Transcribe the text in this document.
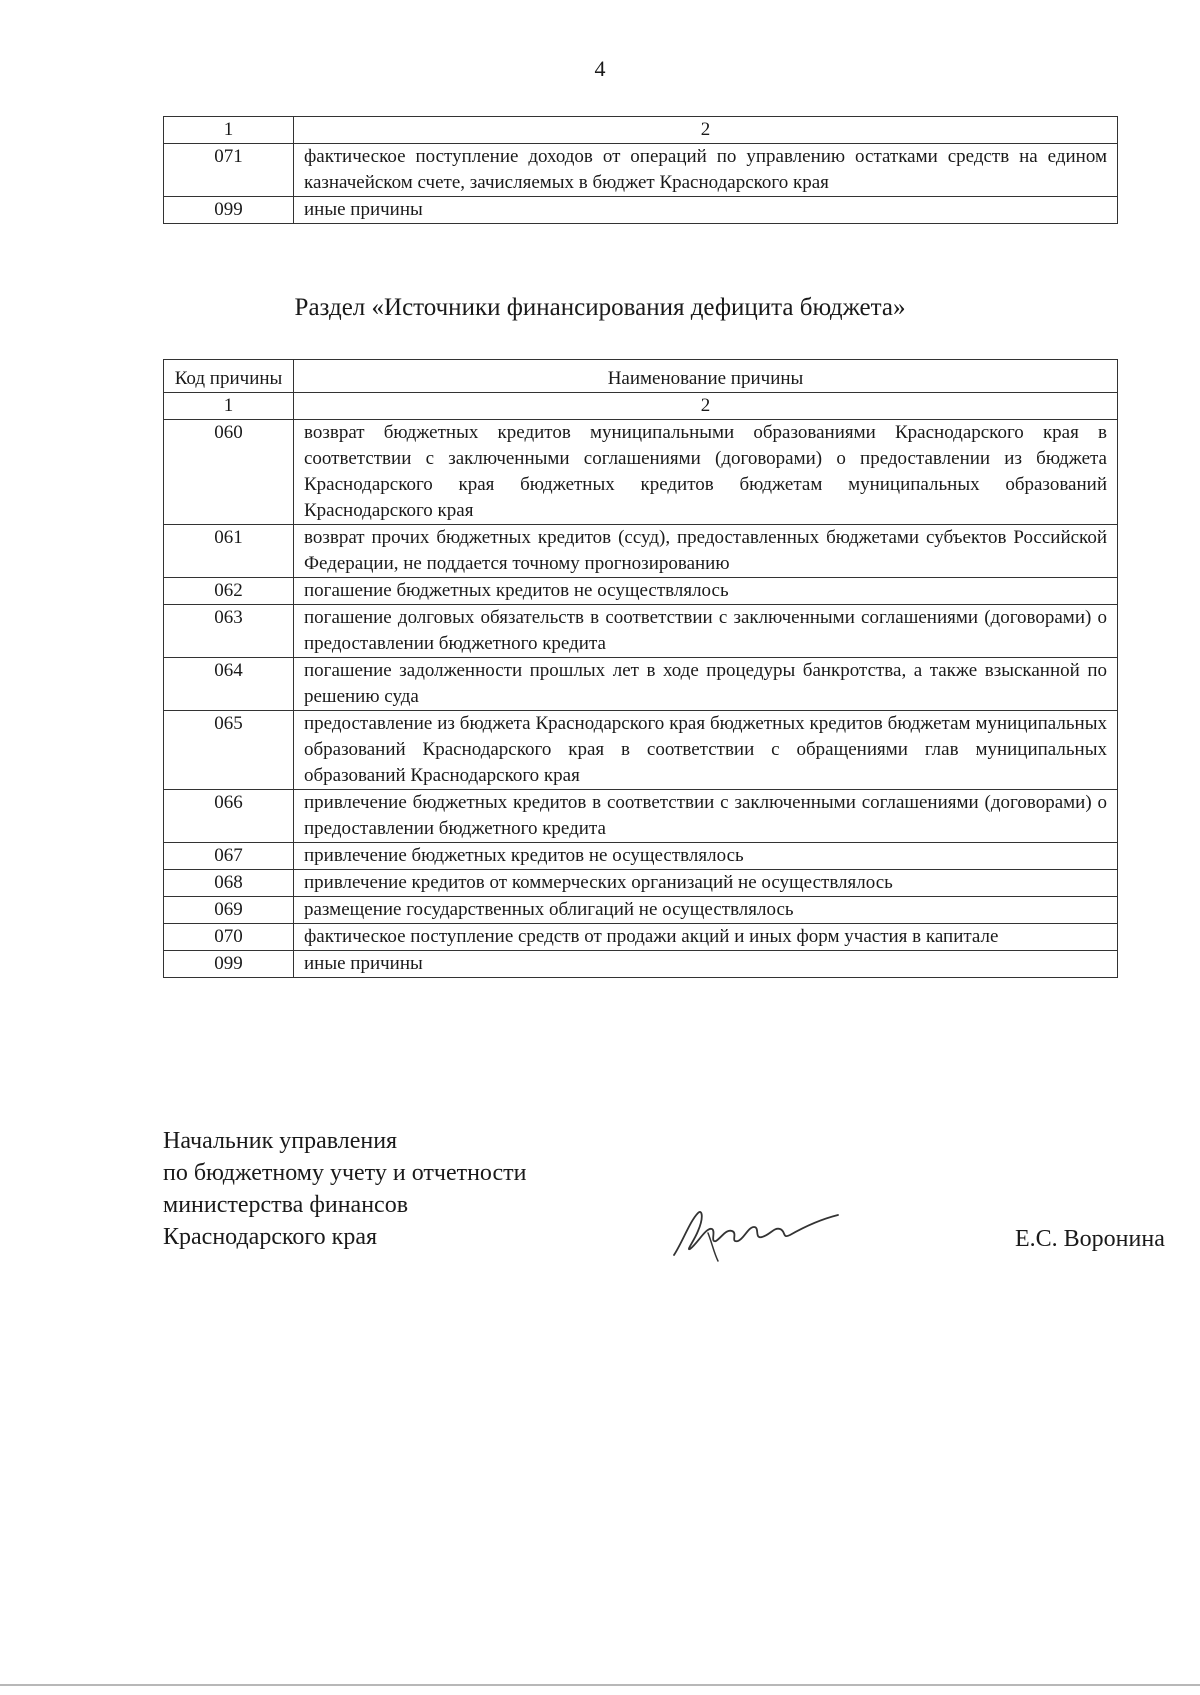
4
1	2
071	фактическое поступление доходов от операций по управлению остатками средств на едином казначейском счете, зачисляемых в бюджет Краснодарского края
099	иные причины
Раздел «Источники финансирования дефицита бюджета»
Код причины	Наименование причины
1	2
060	возврат бюджетных кредитов муниципальными образованиями Краснодарского края в соответствии с заключенными соглашениями (договорами) о предоставлении из бюджета Краснодарского края бюджетных кредитов бюджетам муниципальных образований Краснодарского края
061	возврат прочих бюджетных кредитов (ссуд), предоставленных бюджетами субъектов Российской Федерации, не поддается точному прогнозированию
062	погашение бюджетных кредитов не осуществлялось
063	погашение долговых обязательств в соответствии с заключенными соглашениями (договорами) о предоставлении бюджетного кредита
064	погашение задолженности прошлых лет в ходе процедуры банкротства, а также взысканной по решению суда
065	предоставление из бюджета Краснодарского края бюджетных кредитов бюджетам муниципальных образований Краснодарского края в соответствии с обращениями глав муниципальных образований Краснодарского края
066	привлечение бюджетных кредитов в соответствии с заключенными соглашениями (договорами) о предоставлении бюджетного кредита
067	привлечение бюджетных кредитов не осуществлялось
068	привлечение кредитов от коммерческих организаций не осуществлялось
069	размещение государственных облигаций не осуществлялось
070	фактическое поступление средств от продажи акций и иных форм участия в капитале
099	иные причины
Начальник управления
по бюджетному учету и отчетности
министерства финансов
Краснодарского края	Е.С. Воронина
